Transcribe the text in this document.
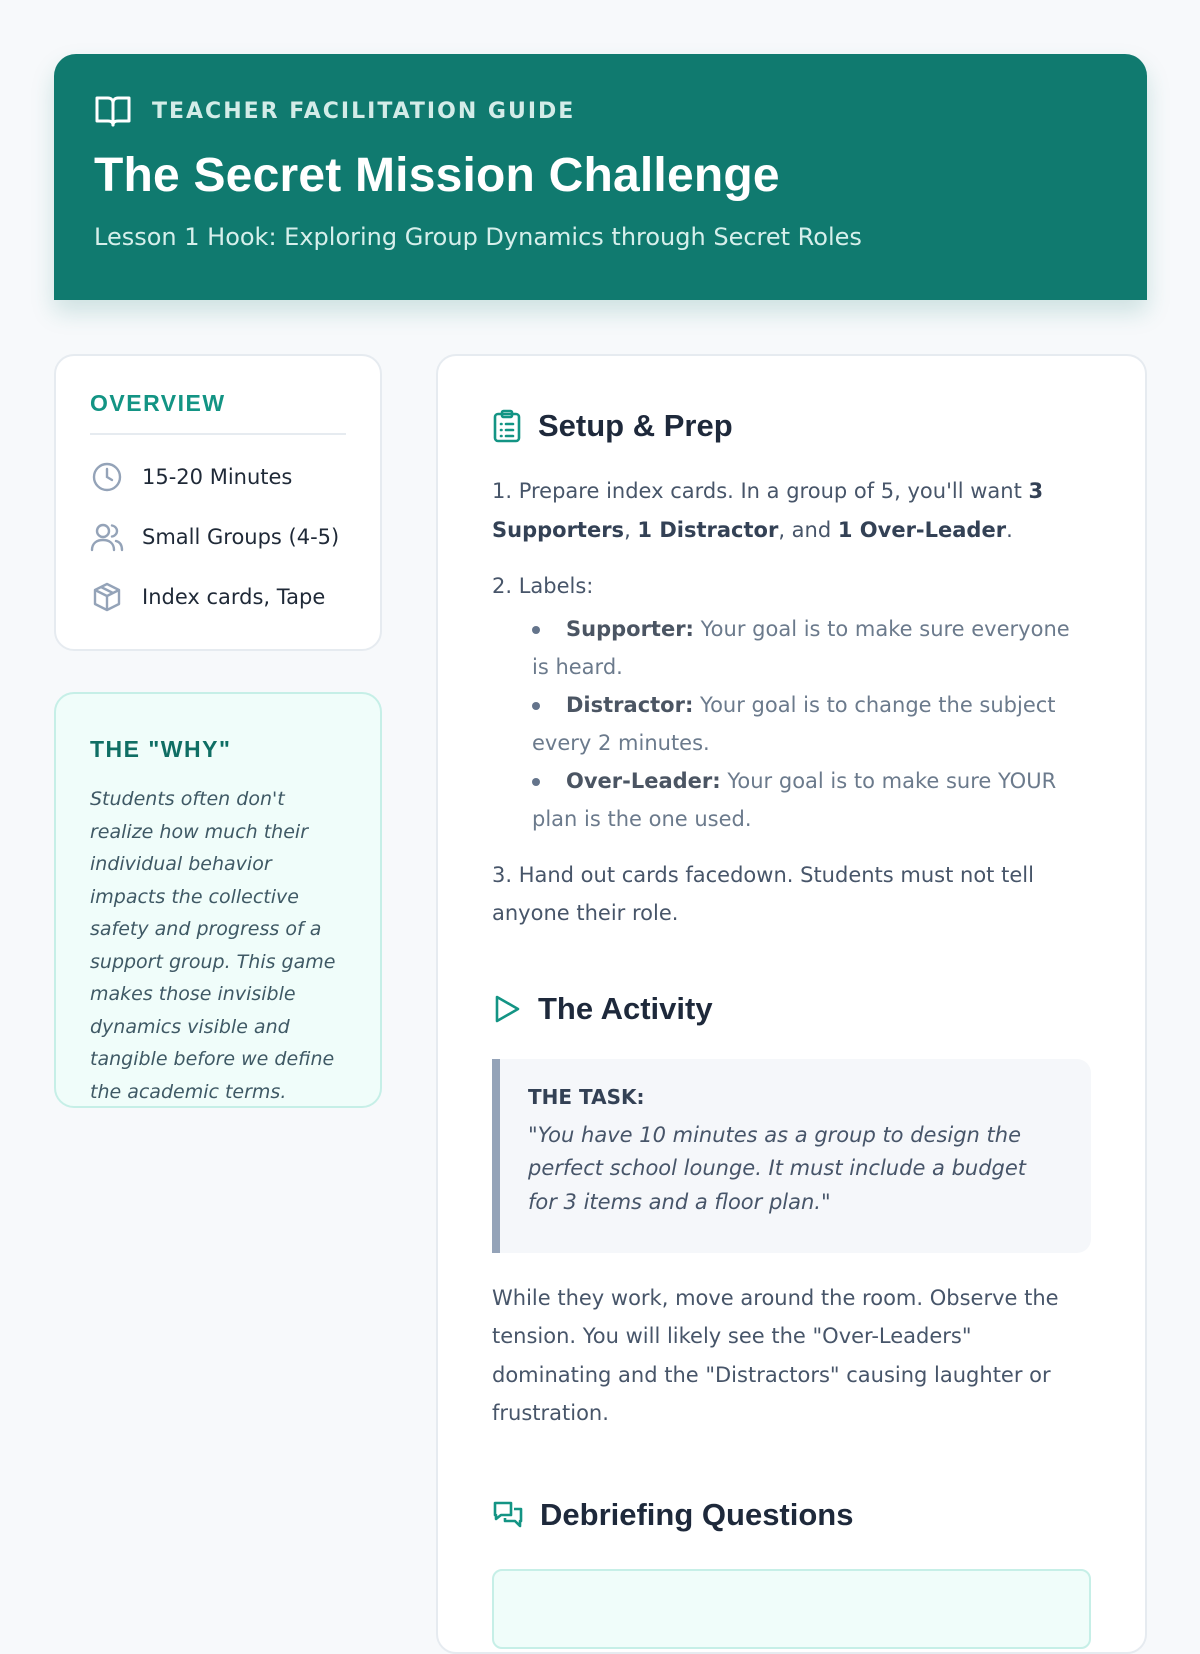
TEACHER FACILITATION GUIDE
The Secret Mission Challenge
Lesson 1 Hook: Exploring Group Dynamics through Secret Roles
OVERVIEW
15-20 Minutes
Small Groups (4-5)
Index cards, Tape
THE "WHY"
Students often don't realize how much their individual behavior impacts the collective safety and progress of a support group. This game makes those invisible dynamics visible and tangible before we define the academic terms.
Setup & Prep

1. Prepare index cards. In a group of 5, you'll want 3 Supporters, 1 Distractor, and 1 Over-Leader.

2. Labels:

Supporter: Your goal is to make sure everyone is heard.
Distractor: Your goal is to change the subject every 2 minutes.
Over-Leader: Your goal is to make sure YOUR plan is the one used.

3. Hand out cards facedown. Students must not tell anyone their role.

The Activity
THE TASK:
"You have 10 minutes as a group to design the perfect school lounge. It must include a budget for 3 items and a floor plan."

While they work, move around the room. Observe the tension. You will likely see the "Over-Leaders" dominating and the "Distractors" causing laughter or frustration.

Debriefing Questions
